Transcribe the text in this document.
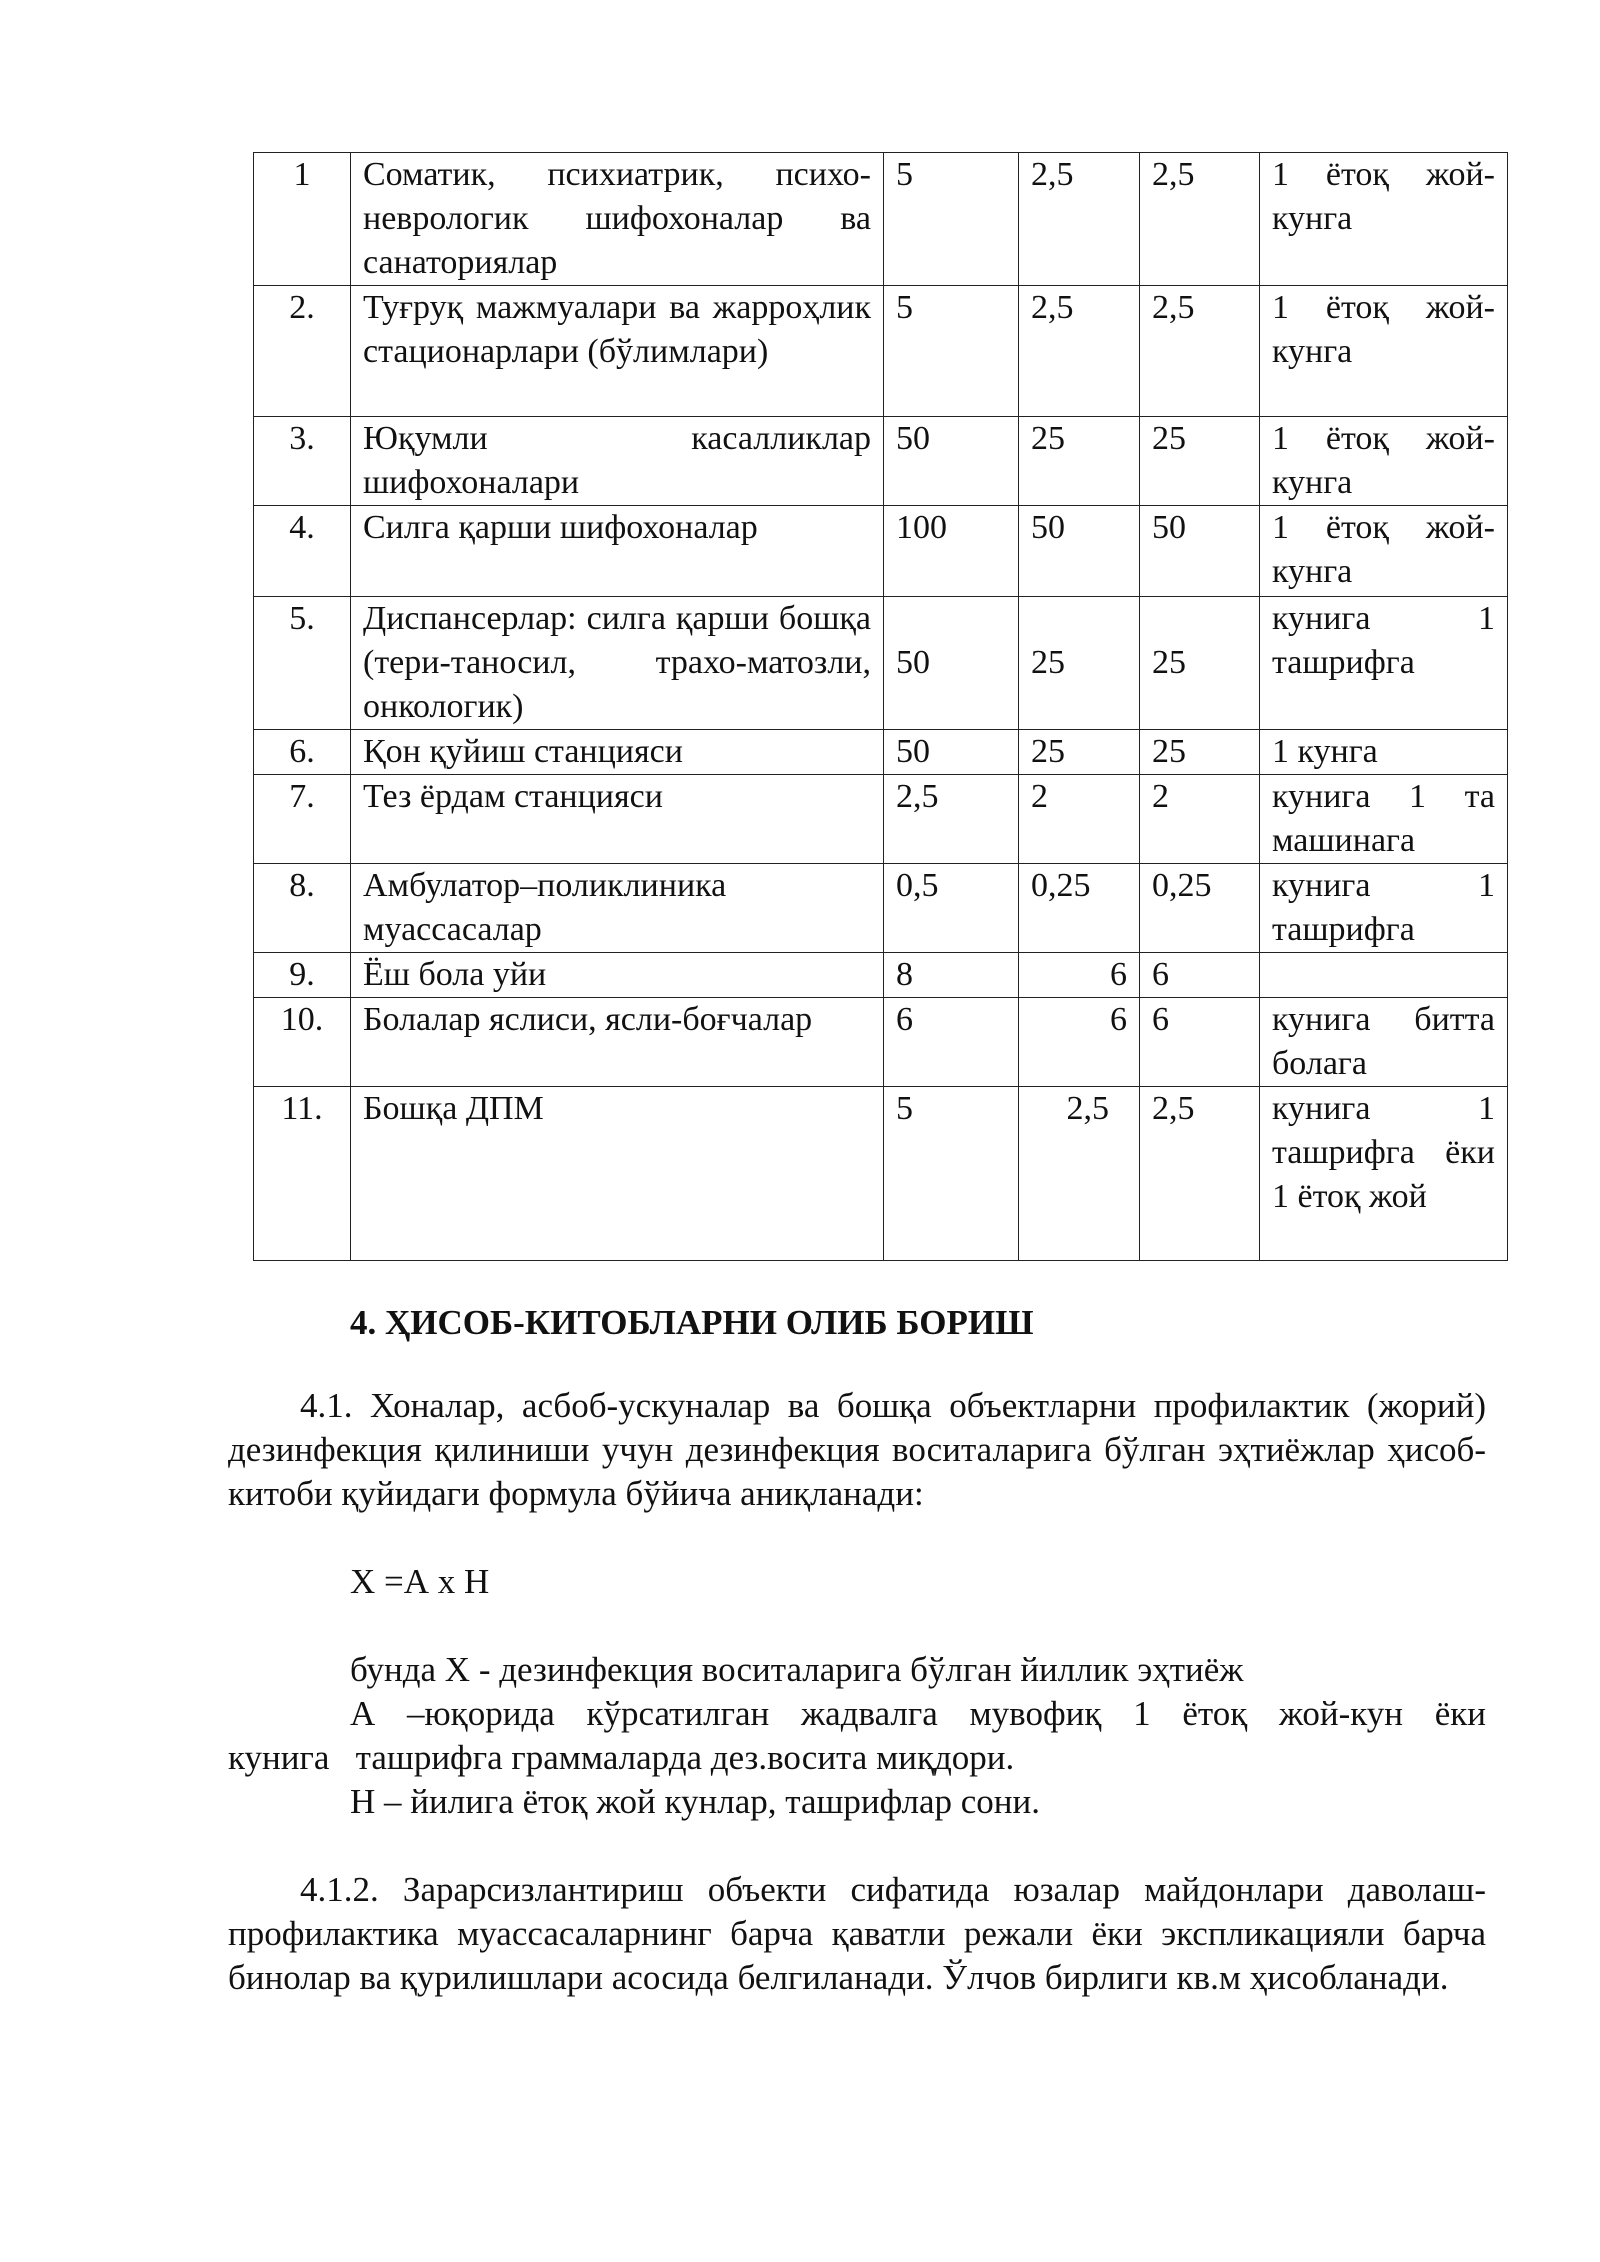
1	Соматик, психиатрик, психо-неврологик шифохоналар ва санаториялар	5	2,5	2,5	1 ётоқ жой-кунга
2.	Туғруқ мажмуалари ва жарроҳлик стационарлари (бўлимлари)	5	2,5	2,5	1 ётоқ жой-кунга
3.	Юқумли касалликлар шифохоналари	50	25	25	1 ётоқ жой-кунга
4.	Силга қарши шифохоналар	100	50	50	1 ётоқ жой-кунга
5.	Диспансерлар: силга қарши бошқа (тери-таносил, трахо-матозли, онкологик)	50	25	25	кунига 1 ташрифга
6.	Қон қуйиш станцияси	50	25	25	1 кунга
7.	Тез ёрдам станцияси	2,5	2	2	кунига 1 та машинага
8.	Амбулатор–поликлиника муассасалар	0,5	0,25	0,25	кунига 1 ташрифга
9.	Ёш бола уйи	8	6	6	
10.	Болалар яслиси, ясли-боғчалар	6	6	6	кунига битта болага
11.	Бошқа ДПМ	5	2,5	2,5	кунига 1 ташрифга ёки 1 ётоқ жой
4. ҲИСОБ-КИТОБЛАРНИ ОЛИБ БОРИШ
4.1. Хоналар, асбоб-ускуналар ва бошқа объектларни профилактик (жорий) дезинфекция қилиниши учун дезинфекция воситаларига бўлган эҳтиёжлар ҳисоб-китоби қуйидаги формула бўйича аниқланади:
Х =А х Н
бунда Х - дезинфекция воситаларига бўлган йиллик эҳтиёж
А –юқорида кўрсатилган жадвалга мувофиқ 1 ётоқ жой-кун ёки
кунига   ташрифга граммаларда дез.восита миқдори.
Н – йилига ётоқ жой кунлар, ташрифлар сони.
4.1.2. Зарарсизлантириш объекти сифатида юзалар майдонлари даволаш-профилактика муассасаларнинг барча қаватли режали ёки экспликацияли барча бинолар ва қурилишлари асосида белгиланади. Ўлчов бирлиги кв.м ҳисобланади.
